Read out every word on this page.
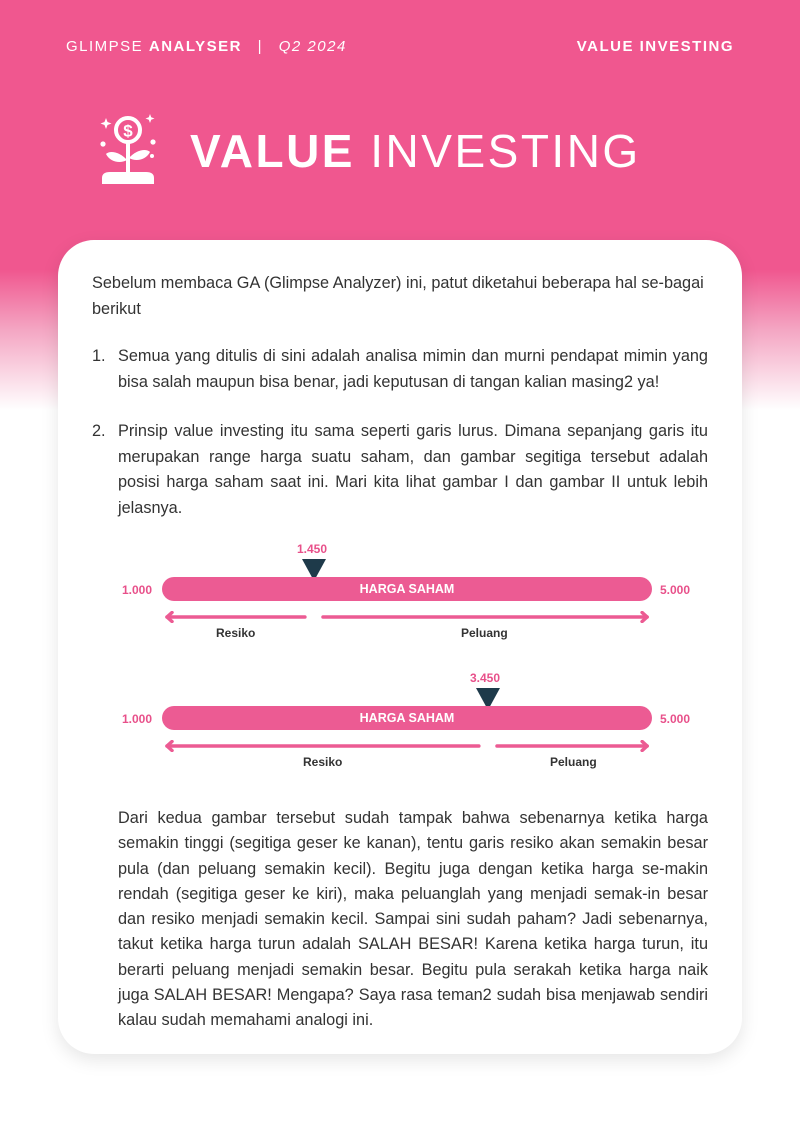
GLIMPSE ANALYSER | Q2 2024	VALUE INVESTING
$ VALUE INVESTING
Sebelum membaca GA (Glimpse Analyzer) ini, patut diketahui beberapa hal se-bagai berikut
1. Semua yang ditulis di sini adalah analisa mimin dan murni pendapat mimin yang bisa salah maupun bisa benar, jadi keputusan di tangan kalian masing2 ya!
2. Prinsip value investing itu sama seperti garis lurus. Dimana sepanjang garis itu merupakan range harga suatu saham, dan gambar segitiga tersebut adalah posisi harga saham saat ini. Mari kita lihat gambar I dan gambar II untuk lebih jelasnya.
1.450
1.000	HARGA SAHAM	5.000
Resiko	Peluang
3.450
1.000	HARGA SAHAM	5.000
Resiko	Peluang
Dari kedua gambar tersebut sudah tampak bahwa sebenarnya ketika harga semakin tinggi (segitiga geser ke kanan), tentu garis resiko akan semakin besar pula (dan peluang semakin kecil). Begitu juga dengan ketika harga se-makin rendah (segitiga geser ke kiri), maka peluanglah yang menjadi semak-in besar dan resiko menjadi semakin kecil. Sampai sini sudah paham? Jadi sebenarnya, takut ketika harga turun adalah SALAH BESAR! Karena ketika harga turun, itu berarti peluang menjadi semakin besar. Begitu pula serakah ketika harga naik juga SALAH BESAR! Mengapa? Saya rasa teman2 sudah bisa menjawab sendiri kalau sudah memahami analogi ini.
